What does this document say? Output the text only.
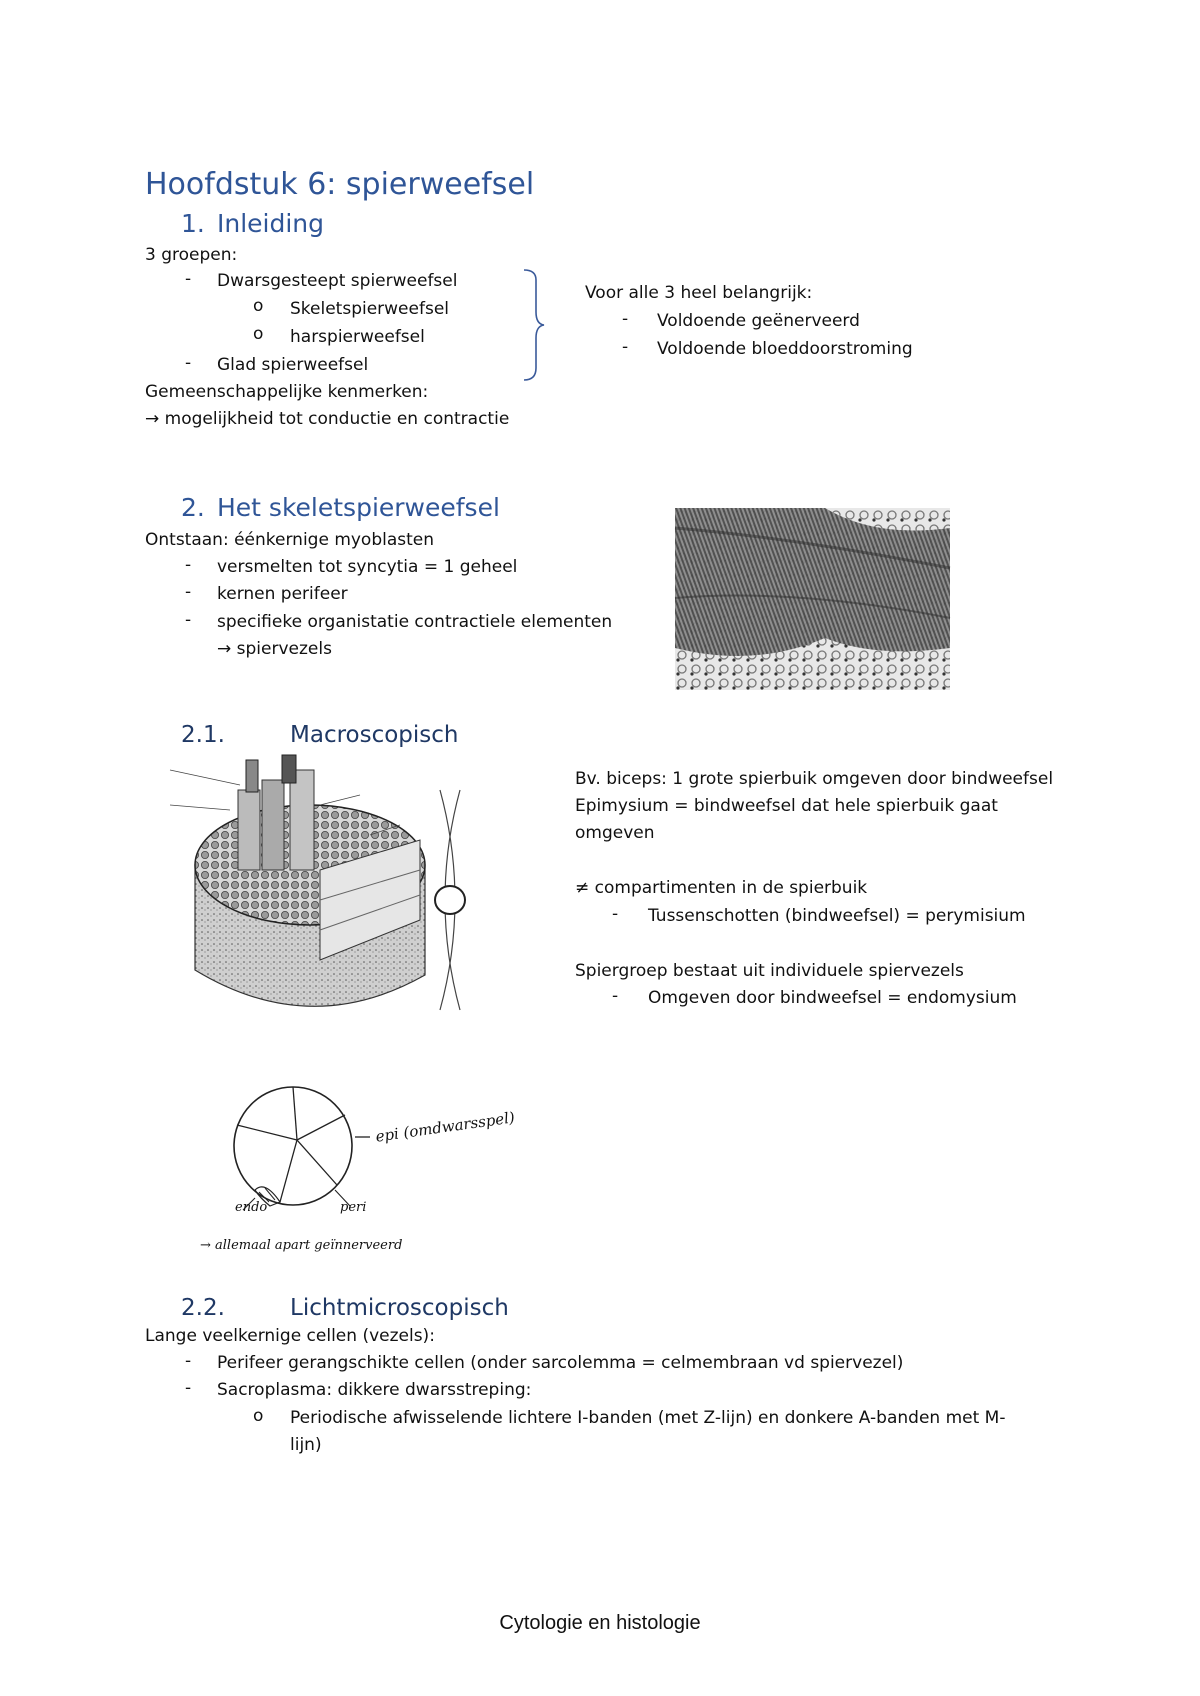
Hoofdstuk 6: spierweefsel
1. Inleiding
3 groepen:
- Dwarsgesteept spierweefsel
o Skeletspierweefsel
o harspierweefsel
- Glad spierweefsel
Gemeenschappelijke kenmerken:
→ mogelijkheid tot conductie en contractie
Voor alle 3 heel belangrijk:
- Voldoende geënerveerd
- Voldoende bloeddoorstroming
2. Het skeletspierweefsel
Ontstaan: éénkernige myoblasten
- versmelten tot syncytia = 1 geheel
- kernen perifeer
- specifieke organistatie contractiele elementen
→ spiervezels
2.1.	Macroscopisch
Bv. biceps: 1 grote spierbuik omgeven door bindweefsel
Epimysium = bindweefsel dat hele spierbuik gaat
omgeven
≠ compartimenten in de spierbuik
- Tussenschotten (bindweefsel) = perymisium
Spiergroep bestaat uit individuele spiervezels
- Omgeven door bindweefsel = endomysium
epi (omdwarsspel)
endo	peri
→ allemaal apart geïnnerveerd
2.2.	Lichtmicroscopisch
Lange veelkernige cellen (vezels):
- Perifeer gerangschikte cellen (onder sarcolemma = celmembraan vd spiervezel)
- Sacroplasma: dikkere dwarsstreping:
o Periodische afwisselende lichtere I-banden (met Z-lijn) en donkere A-banden met M-
lijn)
Cytologie en histologie
